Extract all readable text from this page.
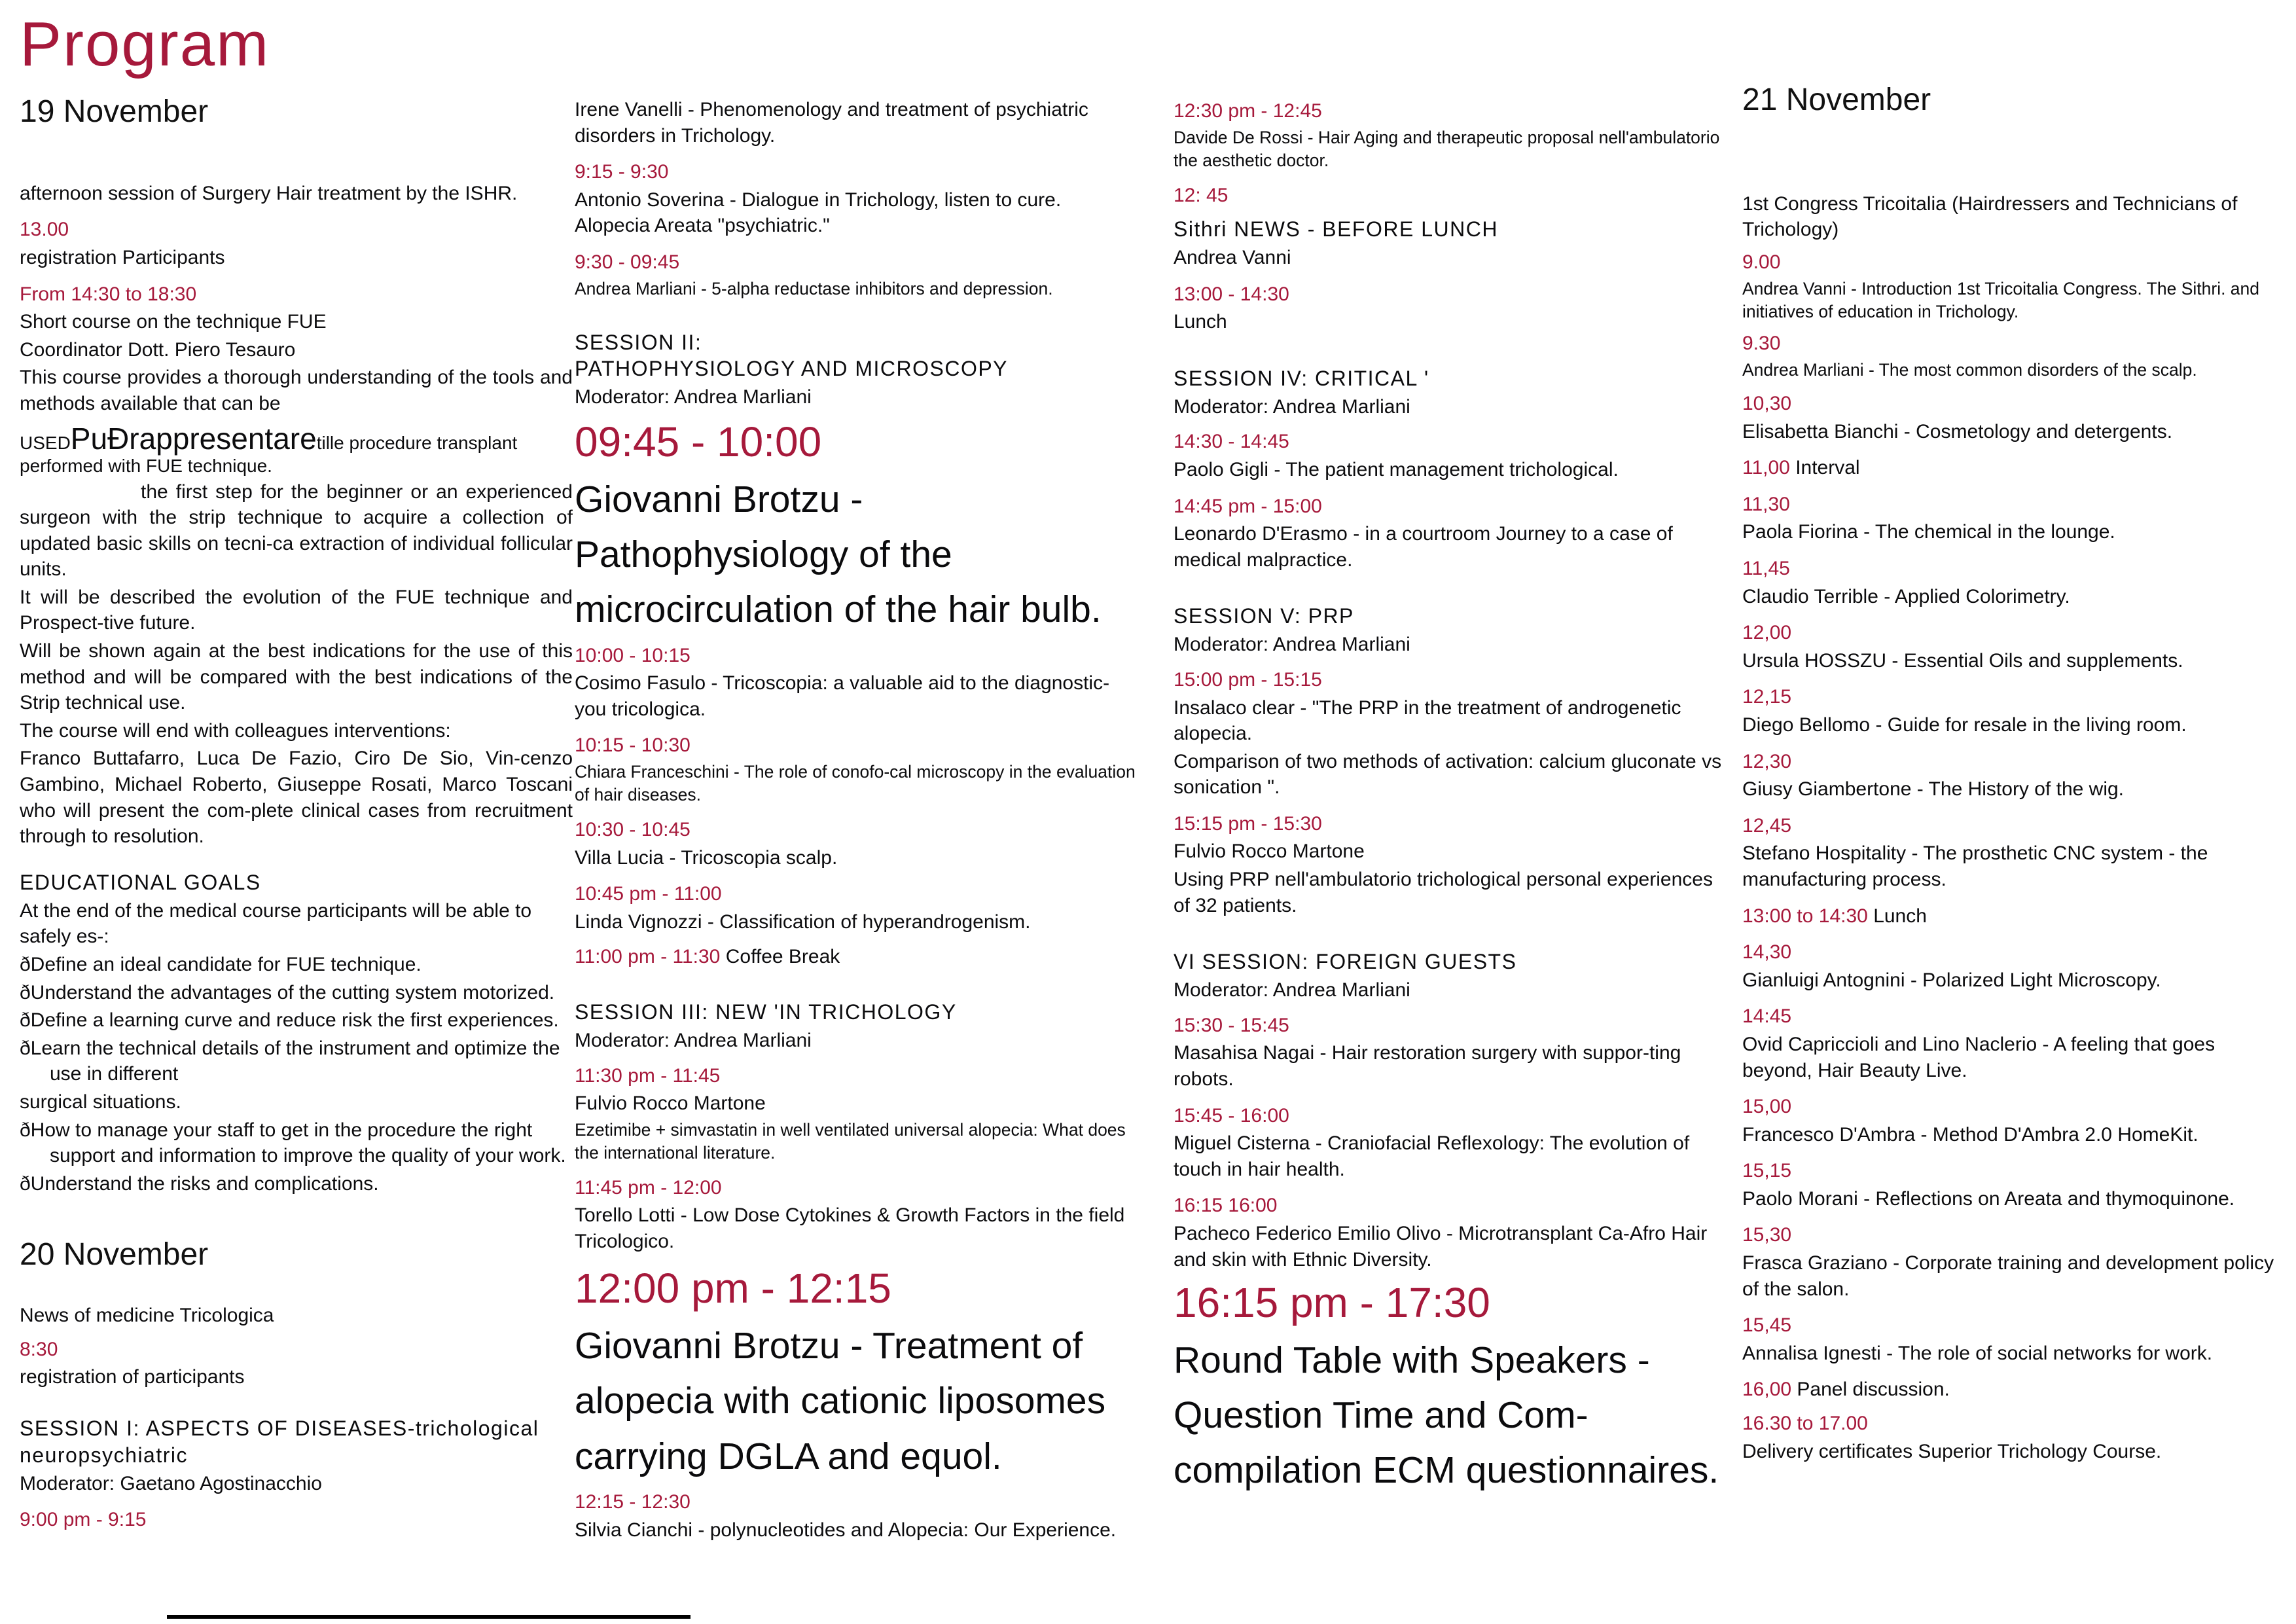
Program
19 November
afternoon session of Surgery Hair treatment by the ISHR.
13.00
registration Participants
From 14:30 to 18:30
Short course on the technique FUE
Coordinator Dott. Piero Tesauro
This course provides a thorough understanding of the tools and methods available that can be
USEDPuÐrappresentaretille procedure transplant performed with FUE technique.
the first step for the beginner or an experienced surgeon with the strip technique to acquire a collection of updated basic skills on tecni-ca extraction of individual follicular units.
It will be described the evolution of the FUE technique and Prospect-tive future.
Will be shown again at the best indications for the use of this method and will be compared with the best indications of the Strip technical use.
The course will end with colleagues interventions:
Franco Buttafarro, Luca De Fazio, Ciro De Sio, Vin-cenzo Gambino, Michael Roberto, Giuseppe Rosati, Marco Toscani who will present the com-plete clinical cases from recruitment through to resolution.
EDUCATIONAL GOALS
At the end of the medical course participants will be able to safely es-:
ðDefine an ideal candidate for FUE technique.
ðUnderstand the advantages of the cutting system motorized.
ðDefine a learning curve and reduce risk the first experiences.
ðLearn the technical details of the instrument and optimize the use in different
surgical situations.
ðHow to manage your staff to get in the procedure the right support and information to improve the quality of your work.
ðUnderstand the risks and complications.
20 November
News of medicine Tricologica
8:30
registration of participants
SESSION I: ASPECTS OF DISEASES-trichological neuropsychiatric
Moderator: Gaetano Agostinacchio
9:00 pm - 9:15
Irene Vanelli - Phenomenology and treatment of psychiatric disorders in Trichology.
9:15 - 9:30
Antonio Soverina - Dialogue in Trichology, listen to cure. Alopecia Areata "psychiatric."
9:30 - 09:45
Andrea Marliani - 5-alpha reductase inhibitors and depression.
SESSION II:
PATHOPHYSIOLOGY AND MICROSCOPY
Moderator: Andrea Marliani
09:45 - 10:00
Giovanni Brotzu - Pathophysiology of the microcirculation of the hair bulb.
10:00 - 10:15
Cosimo Fasulo - Tricoscopia: a valuable aid to the diagnostic-you tricologica.
10:15 - 10:30
Chiara Franceschini - The role of conofo-cal microscopy in the evaluation of hair diseases.
10:30 - 10:45
Villa Lucia - Tricoscopia scalp.
10:45 pm - 11:00
Linda Vignozzi - Classification of hyperandrogenism.
11:00 pm - 11:30 Coffee Break
SESSION III: NEW 'IN TRICHOLOGY
Moderator: Andrea Marliani
11:30 pm - 11:45
Fulvio Rocco Martone
Ezetimibe + simvastatin in well ventilated universal alopecia: What does the international literature.
11:45 pm - 12:00
Torello Lotti - Low Dose Cytokines & Growth Factors in the field Tricologico.
12:00 pm - 12:15
Giovanni Brotzu - Treatment of alopecia with cationic liposomes carrying DGLA and equol.
12:15 - 12:30
Silvia Cianchi - polynucleotides and Alopecia: Our Experience.
12:30 pm - 12:45
Davide De Rossi - Hair Aging and therapeutic proposal nell'ambulatorio the aesthetic doctor.
12: 45
Sithri NEWS - BEFORE LUNCH
Andrea Vanni
13:00 - 14:30
Lunch
SESSION IV: CRITICAL '
Moderator: Andrea Marliani
14:30 - 14:45
Paolo Gigli - The patient management trichological.
14:45 pm - 15:00
Leonardo D'Erasmo - in a courtroom Journey to a case of medical malpractice.
SESSION V: PRP
Moderator: Andrea Marliani
15:00 pm - 15:15
Insalaco clear - "The PRP in the treatment of androgenetic alopecia.
Comparison of two methods of activation: calcium gluconate vs sonication ".
15:15 pm - 15:30
Fulvio Rocco Martone
Using PRP nell'ambulatorio trichological personal experiences of 32 patients.
VI SESSION: FOREIGN GUESTS
Moderator: Andrea Marliani
15:30 - 15:45
Masahisa Nagai - Hair restoration surgery with suppor-ting robots.
15:45 - 16:00
Miguel Cisterna - Craniofacial Reflexology: The evolution of touch in hair health.
16:15 16:00
Pacheco Federico Emilio Olivo - Microtransplant Ca-Afro Hair and skin with Ethnic Diversity.
16:15 pm - 17:30
Round Table with Speakers - Question Time and Com-compilation ECM questionnaires.
21 November
1st Congress Tricoitalia (Hairdressers and Technicians of Trichology)
9.00
Andrea Vanni - Introduction 1st Tricoitalia Congress. The Sithri. and initiatives of education in Trichology.
9.30
Andrea Marliani - The most common disorders of the scalp.
10,30
Elisabetta Bianchi - Cosmetology and detergents.
11,00 Interval
11,30
Paola Fiorina - The chemical in the lounge.
11,45
Claudio Terrible - Applied Colorimetry.
12,00
Ursula HOSSZU - Essential Oils and supplements.
12,15
Diego Bellomo - Guide for resale in the living room.
12,30
Giusy Giambertone - The History of the wig.
12,45
Stefano Hospitality - The prosthetic CNC system - the manufacturing process.
13:00 to 14:30 Lunch
14,30
Gianluigi Antognini - Polarized Light Microscopy.
14:45
Ovid Capriccioli and Lino Naclerio - A feeling that goes beyond, Hair Beauty Live.
15,00
Francesco D'Ambra - Method D'Ambra 2.0 HomeKit.
15,15
Paolo Morani - Reflections on Areata and thymoquinone.
15,30
Frasca Graziano - Corporate training and development policy of the salon.
15,45
Annalisa Ignesti - The role of social networks for work.
16,00 Panel discussion.
16.30 to 17.00
Delivery certificates Superior Trichology Course.
